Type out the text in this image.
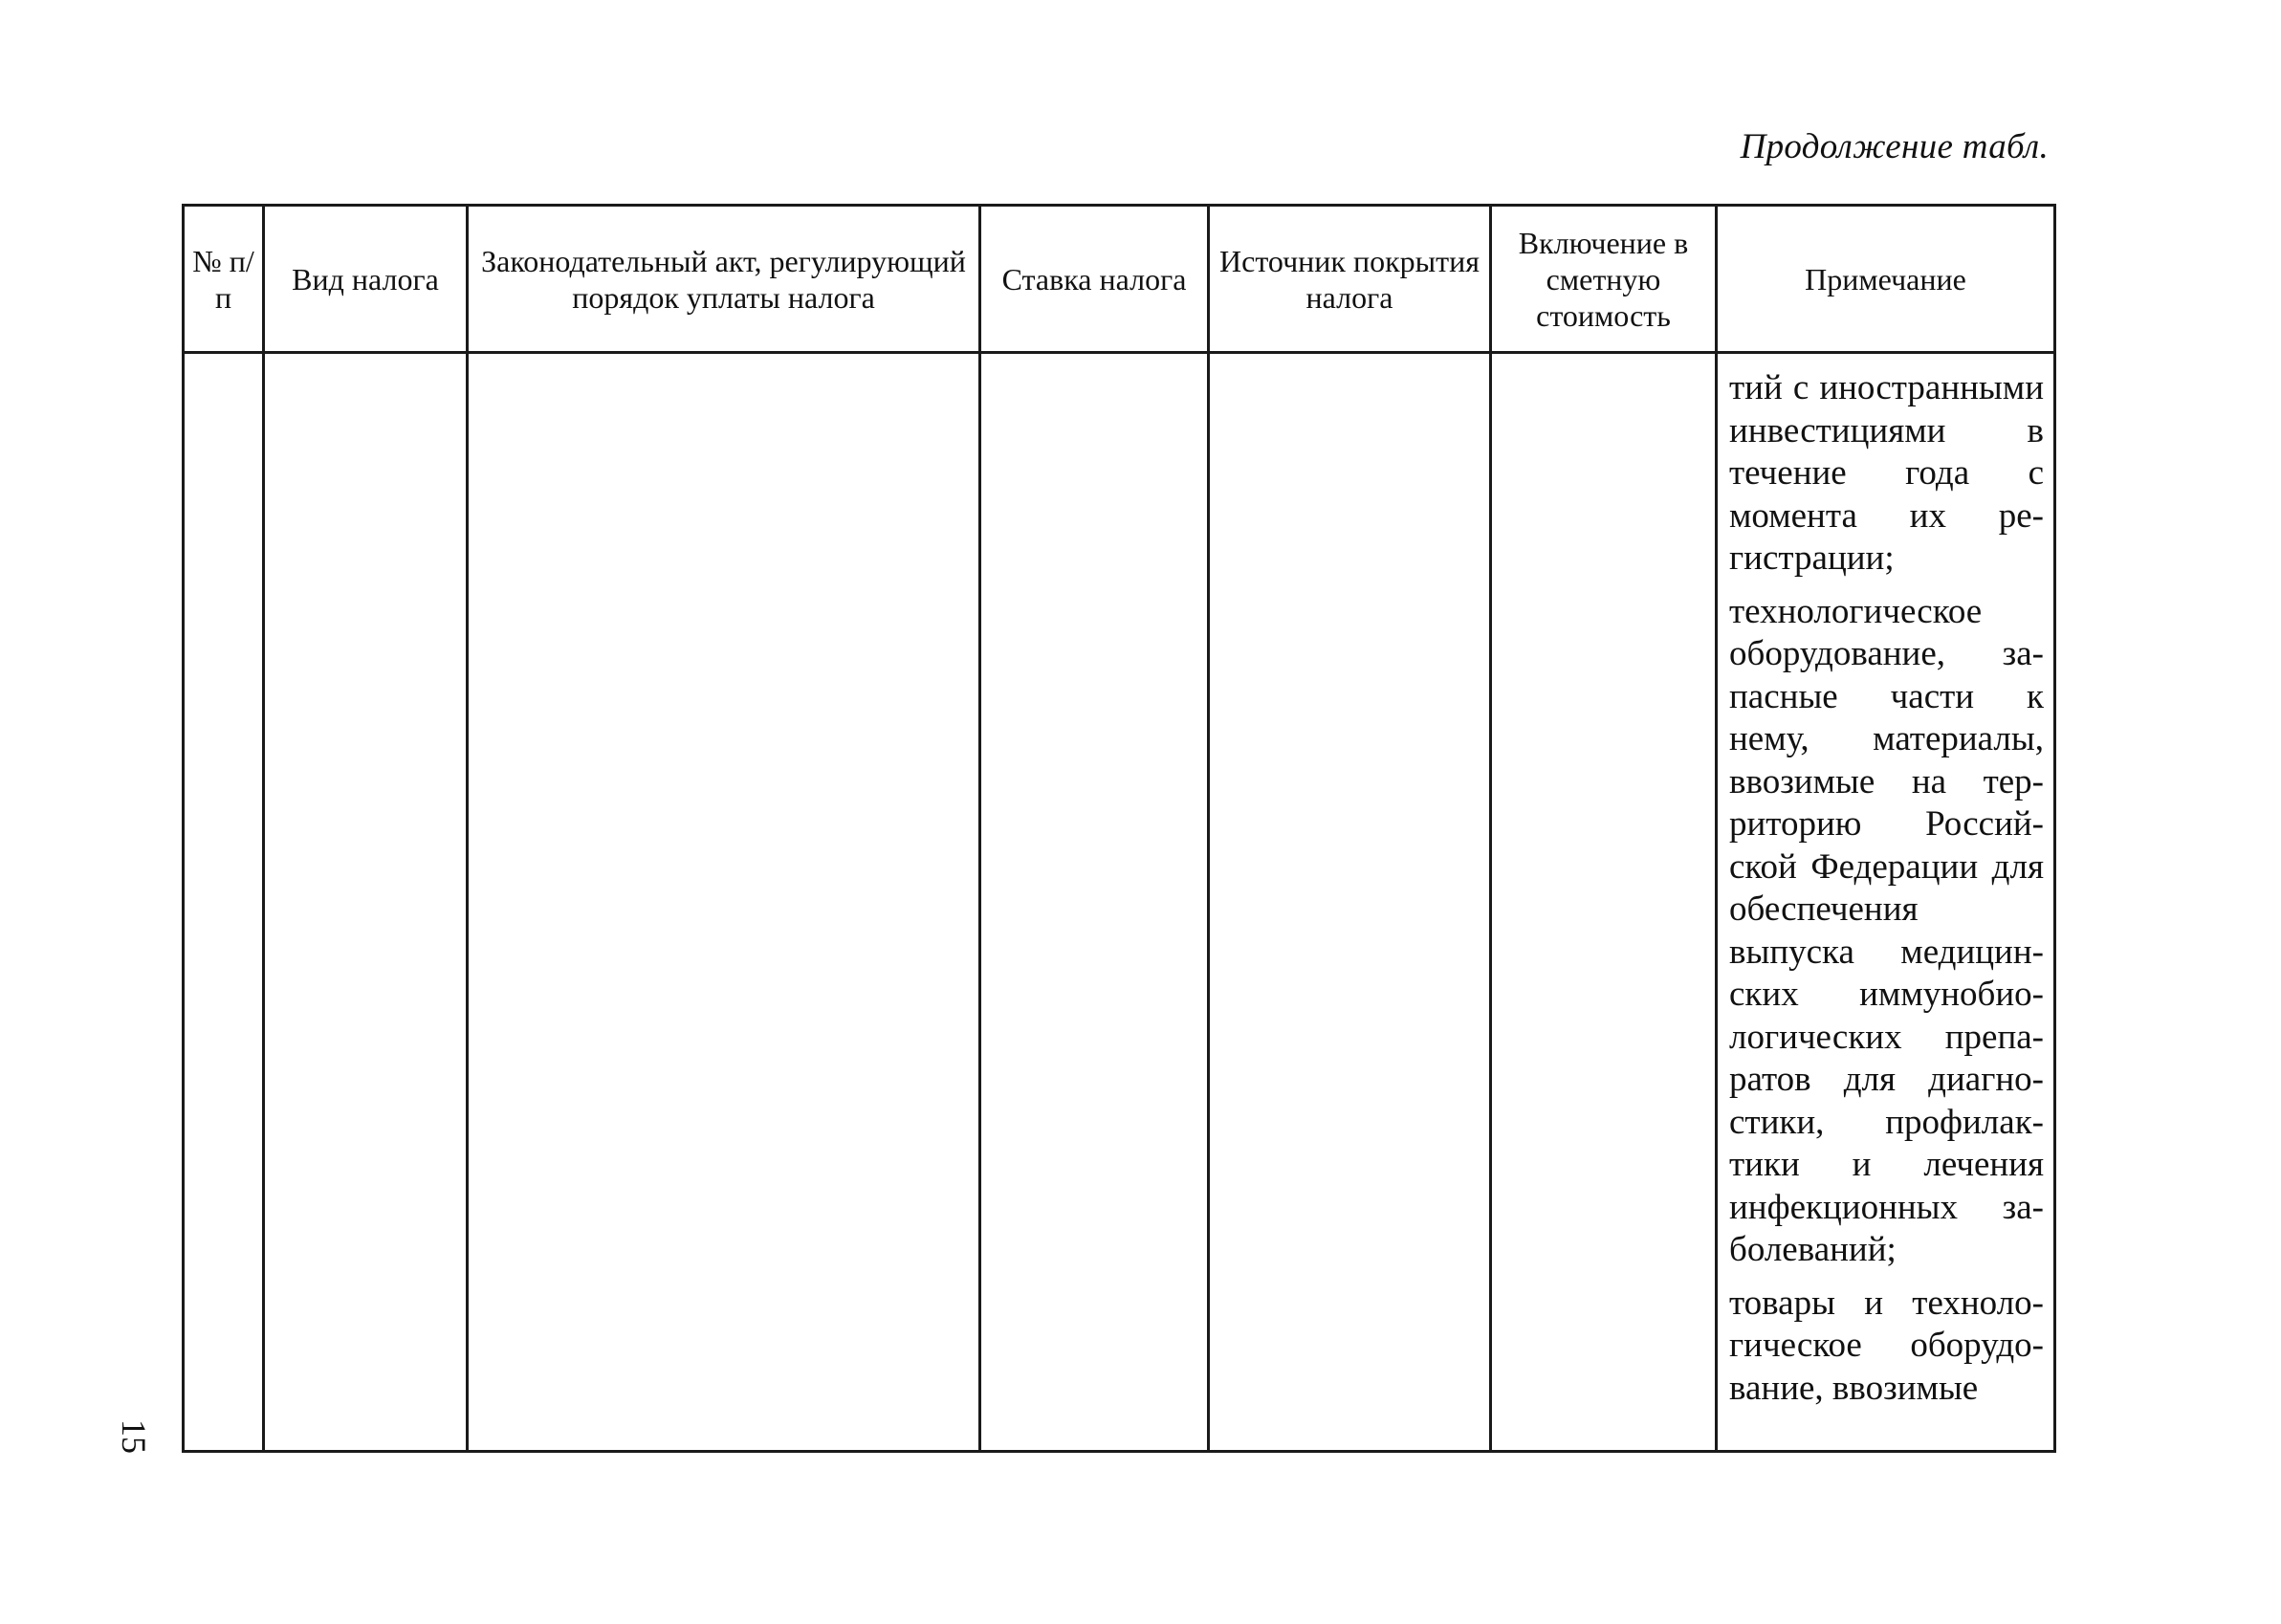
Продолжение табл.
№ п/п	Вид налога	Законодательный акт, регулирующий порядок уплаты налога	Ставка налога	Источник покрытия налога	Включение в сметную стоимость	Примечание

						тий с иностранными инвестициями в течение года с момента их регистрации;

технологическое оборудование, запасные части к нему, материалы, ввозимые на территорию Российской Федерации для обеспечения выпуска медицинских иммунобиологических препаратов для диагностики, профилактики и лечения инфекционных заболеваний;

товары и технологическое оборудование, ввозимые

15
